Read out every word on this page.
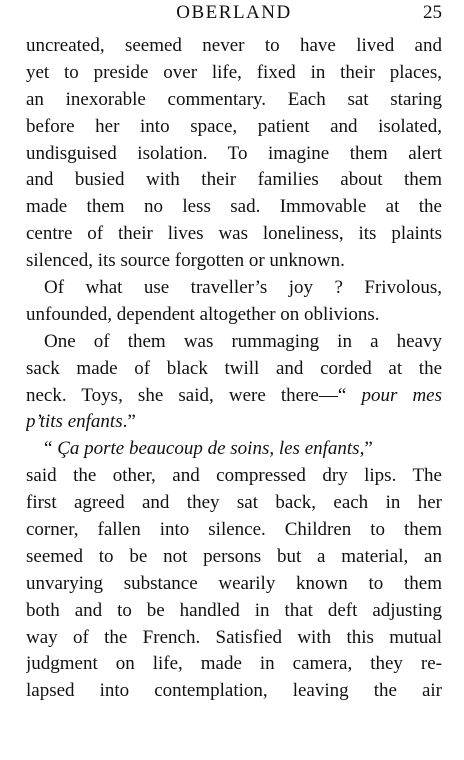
OBERLAND	25
uncreated, seemed never to have lived and
yet to preside over life, fixed in their places,
an inexorable commentary. Each sat staring
before her into space, patient and isolated,
undisguised isolation. To imagine them alert
and busied with their families about them
made them no less sad. Immovable at the
centre of their lives was loneliness, its plaints
silenced, its source forgotten or unknown.
Of what use traveller’s joy ? Frivolous,
unfounded, dependent altogether on oblivions.
One of them was rummaging in a heavy
sack made of black twill and corded at the
neck. Toys, she said, were there—“ pour mes
p’tits enfants.”
“ Ça porte beaucoup de soins, les enfants,”
said the other, and compressed dry lips. The
first agreed and they sat back, each in her
corner, fallen into silence. Children to them
seemed to be not persons but a material, an
unvarying substance wearily known to them
both and to be handled in that deft adjusting
way of the French. Satisfied with this mutual
judgment on life, made in camera, they re-
lapsed into contemplation, leaving the air
